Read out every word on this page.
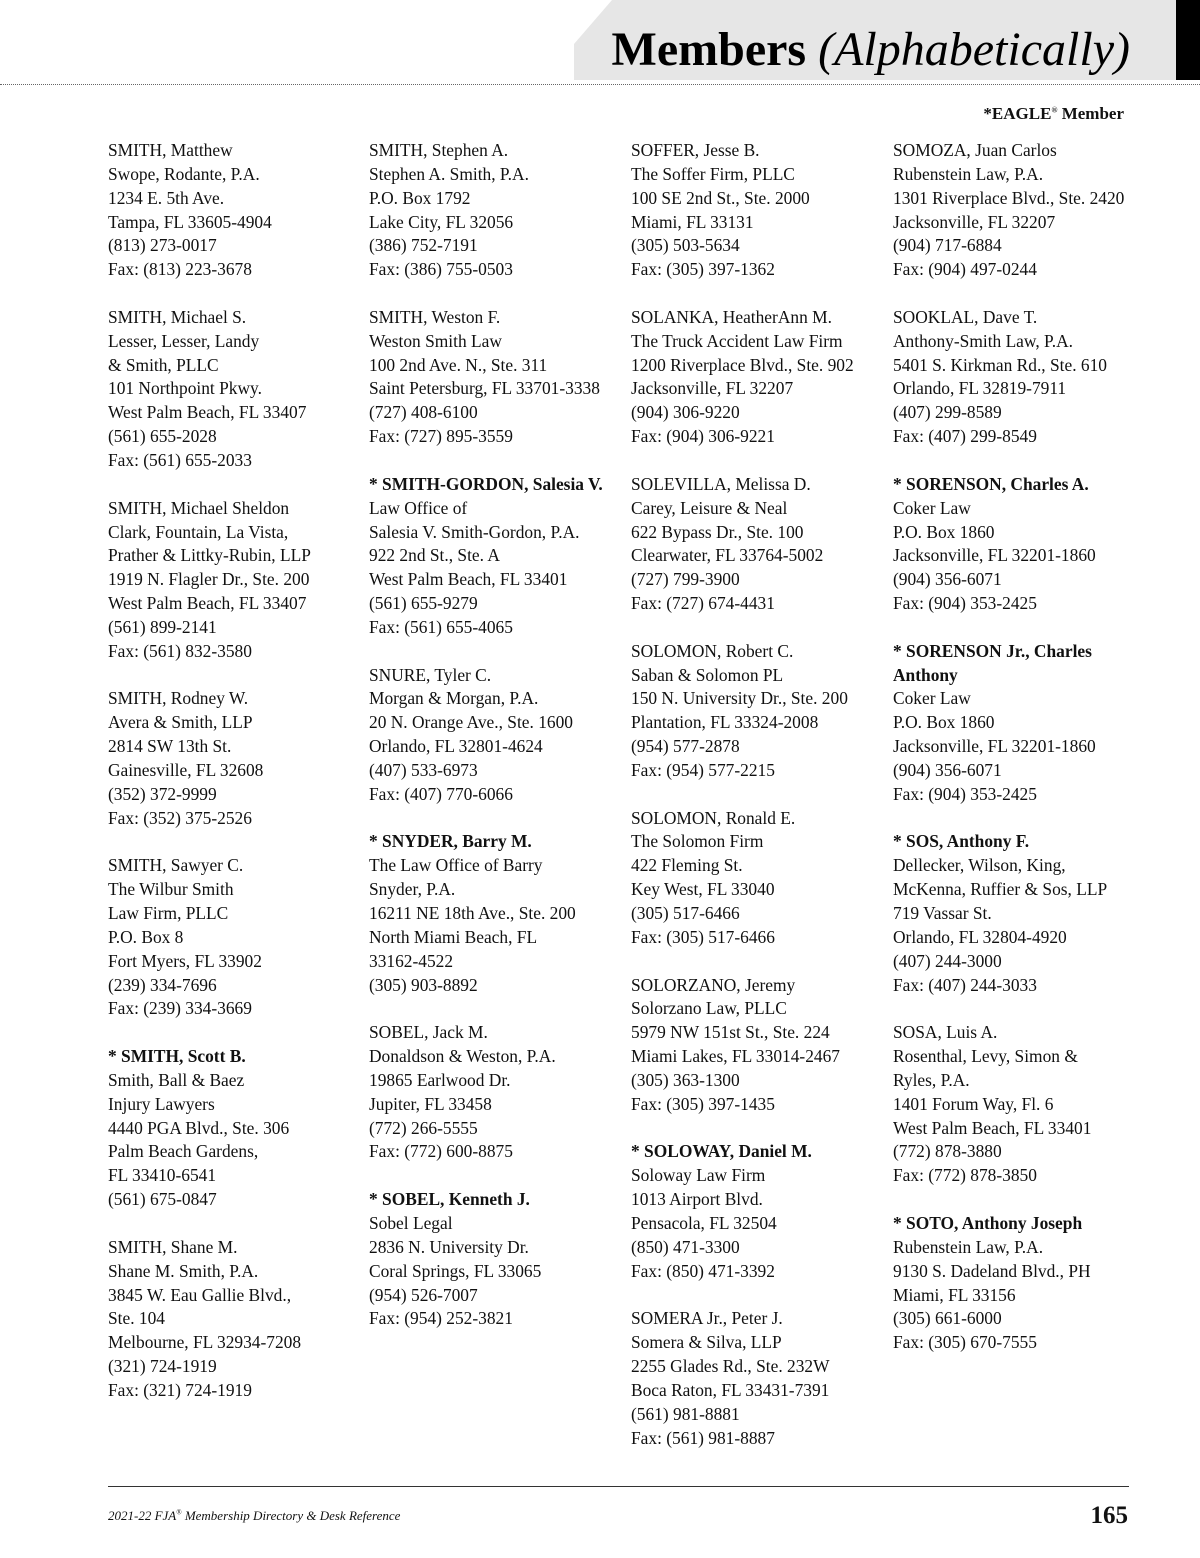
Members (Alphabetically)
*EAGLE® Member
SMITH, Matthew
Swope, Rodante, P.A.
1234 E. 5th Ave.
Tampa, FL 33605-4904
(813) 273-0017
Fax: (813) 223-3678
SMITH, Michael S.
Lesser, Lesser, Landy
& Smith, PLLC
101 Northpoint Pkwy.
West Palm Beach, FL 33407
(561) 655-2028
Fax: (561) 655-2033
SMITH, Michael Sheldon
Clark, Fountain, La Vista,
Prather & Littky-Rubin, LLP
1919 N. Flagler Dr., Ste. 200
West Palm Beach, FL 33407
(561) 899-2141
Fax: (561) 832-3580
SMITH, Rodney W.
Avera & Smith, LLP
2814 SW 13th St.
Gainesville, FL 32608
(352) 372-9999
Fax: (352) 375-2526
SMITH, Sawyer C.
The Wilbur Smith
Law Firm, PLLC
P.O. Box 8
Fort Myers, FL 33902
(239) 334-7696
Fax: (239) 334-3669
* SMITH, Scott B.
Smith, Ball & Baez
Injury Lawyers
4440 PGA Blvd., Ste. 306
Palm Beach Gardens,
FL 33410-6541
(561) 675-0847
SMITH, Shane M.
Shane M. Smith, P.A.
3845 W. Eau Gallie Blvd.,
Ste. 104
Melbourne, FL 32934-7208
(321) 724-1919
Fax: (321) 724-1919
SMITH, Stephen A.
Stephen A. Smith, P.A.
P.O. Box 1792
Lake City, FL 32056
(386) 752-7191
Fax: (386) 755-0503
SMITH, Weston F.
Weston Smith Law
100 2nd Ave. N., Ste. 311
Saint Petersburg, FL 33701-3338
(727) 408-6100
Fax: (727) 895-3559
* SMITH-GORDON, Salesia V.
Law Office of
Salesia V. Smith-Gordon, P.A.
922 2nd St., Ste. A
West Palm Beach, FL 33401
(561) 655-9279
Fax: (561) 655-4065
SNURE, Tyler C.
Morgan & Morgan, P.A.
20 N. Orange Ave., Ste. 1600
Orlando, FL 32801-4624
(407) 533-6973
Fax: (407) 770-6066
* SNYDER, Barry M.
The Law Office of Barry
Snyder, P.A.
16211 NE 18th Ave., Ste. 200
North Miami Beach, FL
33162-4522
(305) 903-8892
SOBEL, Jack M.
Donaldson & Weston, P.A.
19865 Earlwood Dr.
Jupiter, FL 33458
(772) 266-5555
Fax: (772) 600-8875
* SOBEL, Kenneth J.
Sobel Legal
2836 N. University Dr.
Coral Springs, FL 33065
(954) 526-7007
Fax: (954) 252-3821
SOFFER, Jesse B.
The Soffer Firm, PLLC
100 SE 2nd St., Ste. 2000
Miami, FL 33131
(305) 503-5634
Fax: (305) 397-1362
SOLANKA, HeatherAnn M.
The Truck Accident Law Firm
1200 Riverplace Blvd., Ste. 902
Jacksonville, FL 32207
(904) 306-9220
Fax: (904) 306-9221
SOLEVILLA, Melissa D.
Carey, Leisure & Neal
622 Bypass Dr., Ste. 100
Clearwater, FL 33764-5002
(727) 799-3900
Fax: (727) 674-4431
SOLOMON, Robert C.
Saban & Solomon PL
150 N. University Dr., Ste. 200
Plantation, FL 33324-2008
(954) 577-2878
Fax: (954) 577-2215
SOLOMON, Ronald E.
The Solomon Firm
422 Fleming St.
Key West, FL 33040
(305) 517-6466
Fax: (305) 517-6466
SOLORZANO, Jeremy
Solorzano Law, PLLC
5979 NW 151st St., Ste. 224
Miami Lakes, FL 33014-2467
(305) 363-1300
Fax: (305) 397-1435
* SOLOWAY, Daniel M.
Soloway Law Firm
1013 Airport Blvd.
Pensacola, FL 32504
(850) 471-3300
Fax: (850) 471-3392
SOMERA Jr., Peter J.
Somera & Silva, LLP
2255 Glades Rd., Ste. 232W
Boca Raton, FL 33431-7391
(561) 981-8881
Fax: (561) 981-8887
SOMOZA, Juan Carlos
Rubenstein Law, P.A.
1301 Riverplace Blvd., Ste. 2420
Jacksonville, FL 32207
(904) 717-6884
Fax: (904) 497-0244
SOOKLAL, Dave T.
Anthony-Smith Law, P.A.
5401 S. Kirkman Rd., Ste. 610
Orlando, FL 32819-7911
(407) 299-8589
Fax: (407) 299-8549
* SORENSON, Charles A.
Coker Law
P.O. Box 1860
Jacksonville, FL 32201-1860
(904) 356-6071
Fax: (904) 353-2425
* SORENSON Jr., Charles
Anthony
Coker Law
P.O. Box 1860
Jacksonville, FL 32201-1860
(904) 356-6071
Fax: (904) 353-2425
* SOS, Anthony F.
Dellecker, Wilson, King,
McKenna, Ruffier & Sos, LLP
719 Vassar St.
Orlando, FL 32804-4920
(407) 244-3000
Fax: (407) 244-3033
SOSA, Luis A.
Rosenthal, Levy, Simon &
Ryles, P.A.
1401 Forum Way, Fl. 6
West Palm Beach, FL 33401
(772) 878-3880
Fax: (772) 878-3850
* SOTO, Anthony Joseph
Rubenstein Law, P.A.
9130 S. Dadeland Blvd., PH
Miami, FL 33156
(305) 661-6000
Fax: (305) 670-7555
2021-22 FJA® Membership Directory & Desk Reference	165
